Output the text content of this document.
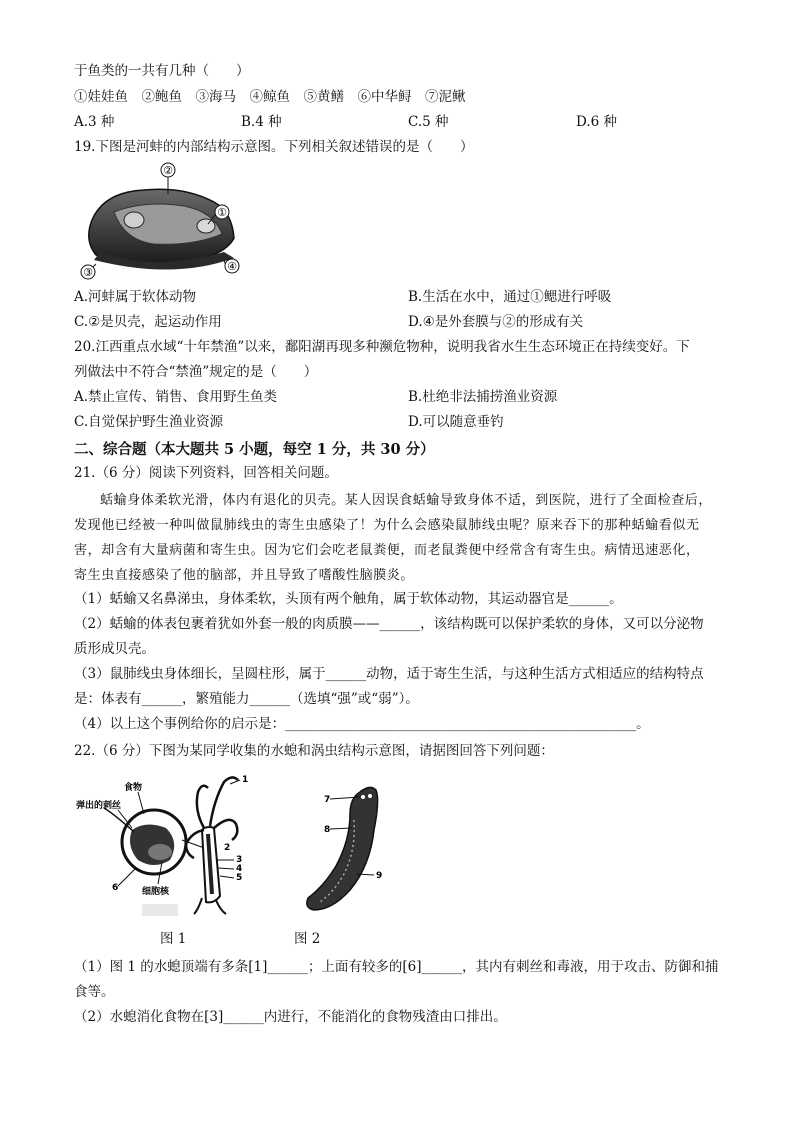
于鱼类的一共有几种（　　）
①娃娃鱼　②鲍鱼　③海马　④鲸鱼　⑤黄鳝　⑥中华鲟　⑦泥鳅
A.3 种	B.4 种	C.5 种	D.6 种
19.下图是河蚌的内部结构示意图。下列相关叙述错误的是（　　）
②
①
③	④
A.河蚌属于软体动物	B.生活在水中，通过①鳃进行呼吸
C.②是贝壳，起运动作用	D.④是外套膜与②的形成有关
20.江西重点水域“十年禁渔”以来，鄱阳湖再现多种濒危物种，说明我省水生生态环境正在持续变好。下
列做法中不符合“禁渔”规定的是（　　）
A.禁止宣传、销售、食用野生鱼类	B.杜绝非法捕捞渔业资源
C.自觉保护野生渔业资源	D.可以随意垂钓
二、综合题（本大题共 5 小题，每空 1 分，共 30 分）
21.（6 分）阅读下列资料，回答相关问题。
蛞蝓身体柔软光滑，体内有退化的贝壳。某人因误食蛞蝓导致身体不适，到医院，进行了全面检查后，
发现他已经被一种叫做鼠肺线虫的寄生虫感染了！为什么会感染鼠肺线虫呢？原来吞下的那种蛞蝓看似无
害，却含有大量病菌和寄生虫。因为它们会吃老鼠粪便，而老鼠粪便中经常含有寄生虫。病情迅速恶化，
寄生虫直接感染了他的脑部，并且导致了嗜酸性脑膜炎。
（1）蛞蝓又名鼻涕虫，身体柔软，头顶有两个触角，属于软体动物，其运动器官是______。
（2）蛞蝓的体表包裹着犹如外套一般的肉质膜——______，该结构既可以保护柔软的身体，又可以分泌物
质形成贝壳。
（3）鼠肺线虫身体细长，呈圆柱形，属于______动物，适于寄生生活，与这种生活方式相适应的结构特点
是：体表有______，繁殖能力______（选填“强”或“弱”）。
（4）以上这个事例给你的启示是：____________________________________________________。
22.（6 分）下图为某同学收集的水螅和涡虫结构示意图，请据图回答下列问题：
食物
弹出的刺丝
6	细胞核
1
2
3
4
5
7
8
9
图 1	图 2
（1）图 1 的水螅顶端有多条[1]______；上面有较多的[6]______，其内有刺丝和毒液，用于攻击、防御和捕
食等。
（2）水螅消化食物在[3]______内进行，不能消化的食物残渣由口排出。
